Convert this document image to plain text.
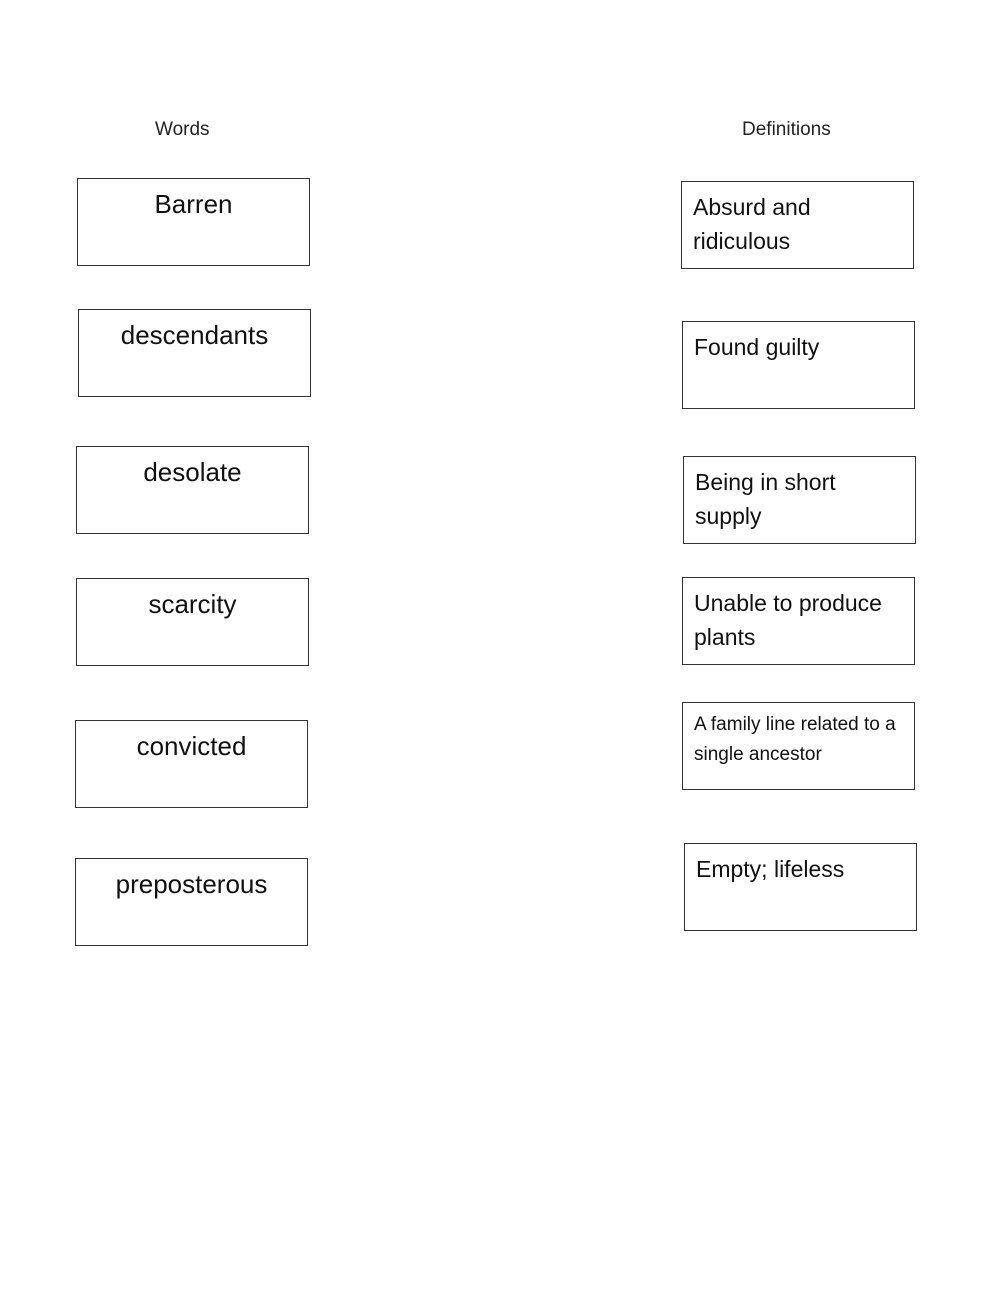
Words	Definitions
Barren
descendants
desolate
scarcity
convicted
preposterous
Absurd and ridiculous
Found guilty
Being in short supply
Unable to produce plants
A family line related to a single ancestor
Empty; lifeless
